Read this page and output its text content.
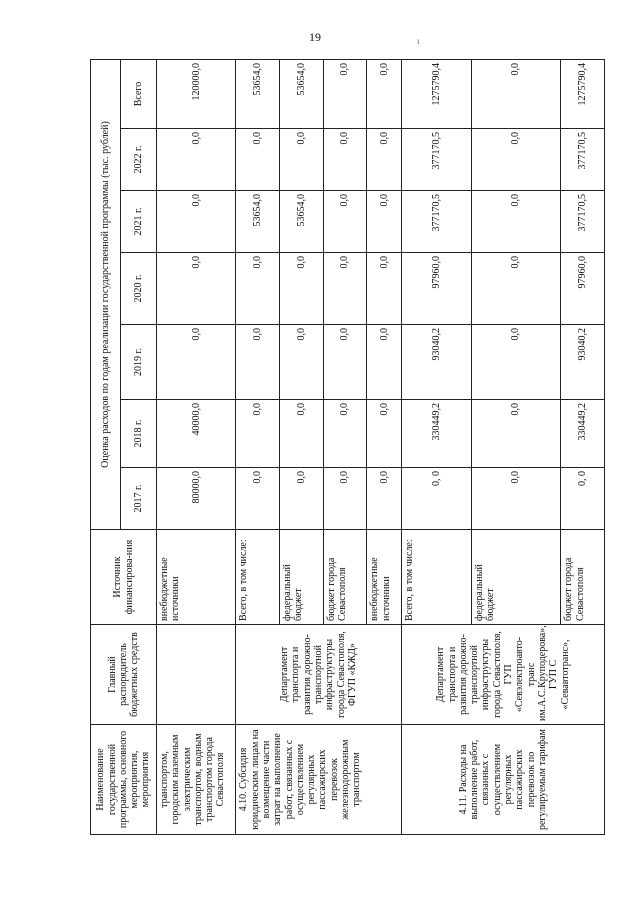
19	ɩ
Наименование государственной программы, основного мероприятия, мероприятия	Главный распорядитель бюджетных средств	Источник финансирова-ния	Оценка расходов по годам реализации государственной программы (тыс. рублей)						
			2017 г.	2018 г.	2019 г.	2020 г.	2021 г.	2022 г.	Всего
транспортом, городским наземным электрическим транспортом, водным транспортом города Севастополя		внебюджетные источники	80000,0	40000,0	0,0	0,0	0,0	0,0	120000,0
4.10. Субсидия юридическим лицам на возмещение части затрат на выполнение работ, связанных с осуществлением регулярных пассажирских перевозок железнодорожным транспортом	Департамент транспорта и развития дорожно-транспортной инфраструктуры города Севастополя, ФГУП «КЖД»	Всего, в том числе:	0,0	0,0	0,0	0,0	53654,0	0,0	53654,0
		федеральный бюджет	0,0	0,0	0,0	0,0	53654,0	0,0	53654,0
		бюджет города Севастополя	0,0	0,0	0,0	0,0	0,0	0,0	0,0
		внебюджетные источники	0,0	0,0	0,0	0,0	0,0	0,0	0,0
4.11. Расходы на выполнение работ, связанных с осуществлением регулярных пассажирских перевозок по регулируемым тарифам	Департамент транспорта и развития дорожно-транспортной инфраструктуры города Севастополя, ГУП «Севэлектроавто-транс им.А.С.Круподерова», ГУП С «Севавтотранс»,	Всего, в том числе:	0, 0	330449,2	93040,2	97960,0	377170,5	377170,5	1275790,4
		федеральный бюджет	0,0	0,0	0,0	0,0	0,0	0,0	0,0
		бюджет города Севастополя	0, 0	330449,2	93040,2	97960,0	377170,5	377170,5	1275790,4
